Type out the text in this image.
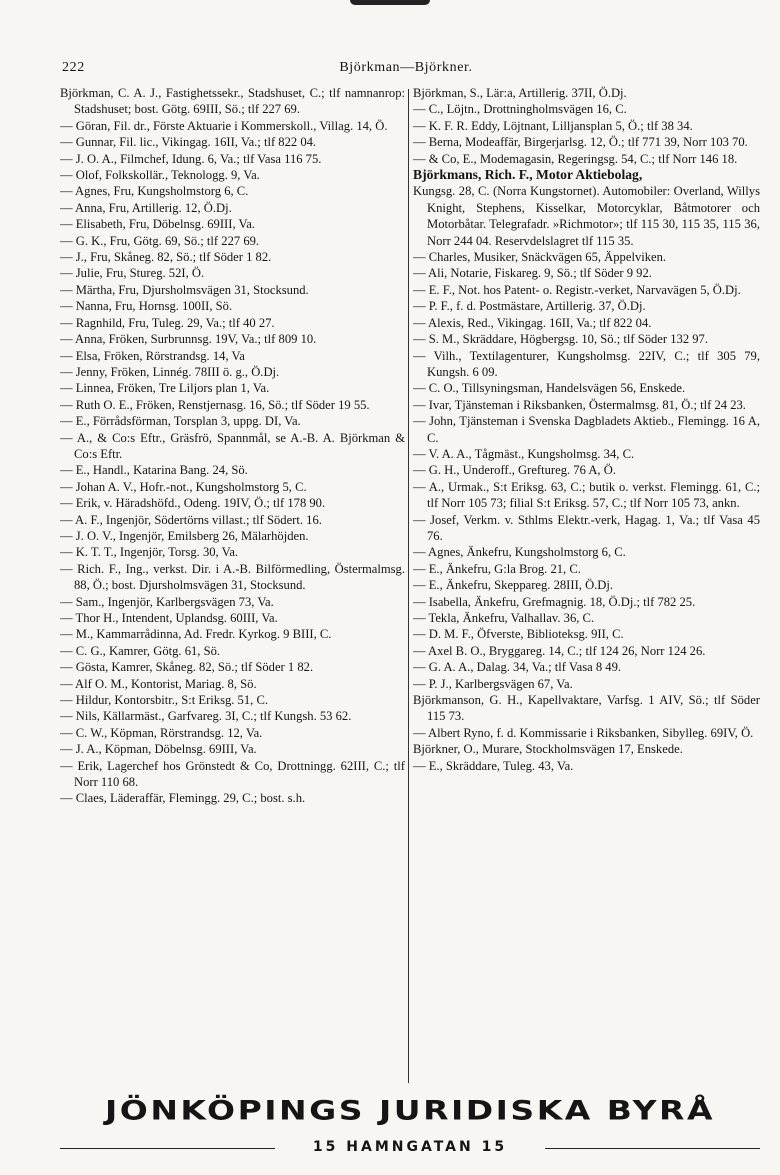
222	Björkman—Björkner.

Björkman, C. A. J., Fastighetssekr., Stadshuset, C.; tlf namnanrop: Stadshuset; bost. Götg. 69III, Sö.; tlf 227 69.

— Göran, Fil. dr., Förste Aktuarie i Kommerskoll., Villag. 14, Ö.

— Gunnar, Fil. lic., Vikingag. 16II, Va.; tlf 822 04.

— J. O. A., Filmchef, Idung. 6, Va.; tlf Vasa 116 75.

— Olof, Folkskollär., Teknologg. 9, Va.

— Agnes, Fru, Kungsholmstorg 6, C.

— Anna, Fru, Artillerig. 12, Ö.Dj.

— Elisabeth, Fru, Döbelnsg. 69III, Va.

— G. K., Fru, Götg. 69, Sö.; tlf 227 69.

— J., Fru, Skåneg. 82, Sö.; tlf Söder 1 82.

— Julie, Fru, Stureg. 52I, Ö.

— Märtha, Fru, Djursholmsvägen 31, Stocksund.

— Nanna, Fru, Hornsg. 100II, Sö.

— Ragnhild, Fru, Tuleg. 29, Va.; tlf 40 27.

— Anna, Fröken, Surbrunnsg. 19V, Va.; tlf 809 10.

— Elsa, Fröken, Rörstrandsg. 14, Va

— Jenny, Fröken, Linnég. 78III ö. g., Ö.Dj.

— Linnea, Fröken, Tre Liljors plan 1, Va.

— Ruth O. E., Fröken, Renstjernasg. 16, Sö.; tlf Söder 19 55.

— E., Förrådsförman, Torsplan 3, uppg. DI, Va.

— A., & Co:s Eftr., Gräsfrö, Spannmål, se A.-B. A. Björkman & Co:s Eftr.

— E., Handl., Katarina Bang. 24, Sö.

— Johan A. V., Hofr.-not., Kungsholmstorg 5, C.

— Erik, v. Häradshöfd., Odeng. 19IV, Ö.; tlf 178 90.

— A. F., Ingenjör, Södertörns villast.; tlf Södert. 16.

— J. O. V., Ingenjör, Emilsberg 26, Mälarhöjden.

— K. T. T., Ingenjör, Torsg. 30, Va.

— Rich. F., Ing., verkst. Dir. i A.-B. Bilförmedling, Östermalmsg. 88, Ö.; bost. Djursholmsvägen 31, Stocksund.

— Sam., Ingenjör, Karlbergsvägen 73, Va.

— Thor H., Intendent, Uplandsg. 60III, Va.

— M., Kammarrådinna, Ad. Fredr. Kyrkog. 9 BIII, C.

— C. G., Kamrer, Götg. 61, Sö.

— Gösta, Kamrer, Skåneg. 82, Sö.; tlf Söder 1 82.

— Alf O. M., Kontorist, Mariag. 8, Sö.

— Hildur, Kontorsbitr., S:t Eriksg. 51, C.

— Nils, Källarmäst., Garfvareg. 3I, C.; tlf Kungsh. 53 62.

— C. W., Köpman, Rörstrandsg. 12, Va.

— J. A., Köpman, Döbelnsg. 69III, Va.

— Erik, Lagerchef hos Grönstedt & Co, Drottningg. 62III, C.; tlf Norr 110 68.

— Claes, Läderaffär, Flemingg. 29, C.; bost. s.h.

Björkman, S., Lär:a, Artillerig. 37II, Ö.Dj.

— C., Löjtn., Drottningholmsvägen 16, C.

— K. F. R. Eddy, Löjtnant, Lilljansplan 5, Ö.; tlf 38 34.

— Berna, Modeaffär, Birgerjarlsg. 12, Ö.; tlf 771 39, Norr 103 70.

— & Co, E., Modemagasin, Regeringsg. 54, C.; tlf Norr 146 18.

Björkmans, Rich. F., Motor Aktiebolag,

Kungsg. 28, C. (Norra Kungstornet). Automobiler: Overland, Willys Knight, Stephens, Kisselkar, Motorcyklar, Båtmotorer och Motorbåtar. Telegrafadr. »Richmotor»; tlf 115 30, 115 35, 115 36, Norr 244 04. Reservdelslagret tlf 115 35.

— Charles, Musiker, Snäckvägen 65, Äppelviken.

— Ali, Notarie, Fiskareg. 9, Sö.; tlf Söder 9 92.

— E. F., Not. hos Patent- o. Registr.-verket, Narvavägen 5, Ö.Dj.

— P. F., f. d. Postmästare, Artillerig. 37, Ö.Dj.

— Alexis, Red., Vikingag. 16II, Va.; tlf 822 04.

— S. M., Skräddare, Högbergsg. 10, Sö.; tlf Söder 132 97.

— Vilh., Textilagenturer, Kungsholmsg. 22IV, C.; tlf 305 79, Kungsh. 6 09.

— C. O., Tillsyningsman, Handelsvägen 56, Enskede.

— Ivar, Tjänsteman i Riksbanken, Östermalmsg. 81, Ö.; tlf 24 23.

— John, Tjänsteman i Svenska Dagbladets Aktieb., Flemingg. 16 A, C.

— V. A. A., Tågmäst., Kungsholmsg. 34, C.

— G. H., Underoff., Greftureg. 76 A, Ö.

— A., Urmak., S:t Eriksg. 63, C.; butik o. verkst. Flemingg. 61, C.; tlf Norr 105 73; filial S:t Eriksg. 57, C.; tlf Norr 105 73, ankn.

— Josef, Verkm. v. Sthlms Elektr.-verk, Hagag. 1, Va.; tlf Vasa 45 76.

— Agnes, Änkefru, Kungsholmstorg 6, C.

— E., Änkefru, G:la Brog. 21, C.

— E., Änkefru, Skeppareg. 28III, Ö.Dj.

— Isabella, Änkefru, Grefmagnig. 18, Ö.Dj.; tlf 782 25.

— Tekla, Änkefru, Valhallav. 36, C.

— D. M. F., Öfverste, Biblioteksg. 9II, C.

— Axel B. O., Bryggareg. 14, C.; tlf 124 26, Norr 124 26.

— G. A. A., Dalag. 34, Va.; tlf Vasa 8 49.

— P. J., Karlbergsvägen 67, Va.

Björkmanson, G. H., Kapellvaktare, Varfsg. 1 AIV, Sö.; tlf Söder 115 73.

— Albert Ryno, f. d. Kommissarie i Riksbanken, Sibylleg. 69IV, Ö.

Björkner, O., Murare, Stockholmsvägen 17, Enskede.

— E., Skräddare, Tuleg. 43, Va.

JÖNKÖPINGS JURIDISKA BYRÅ
15 HAMNGATAN 15
